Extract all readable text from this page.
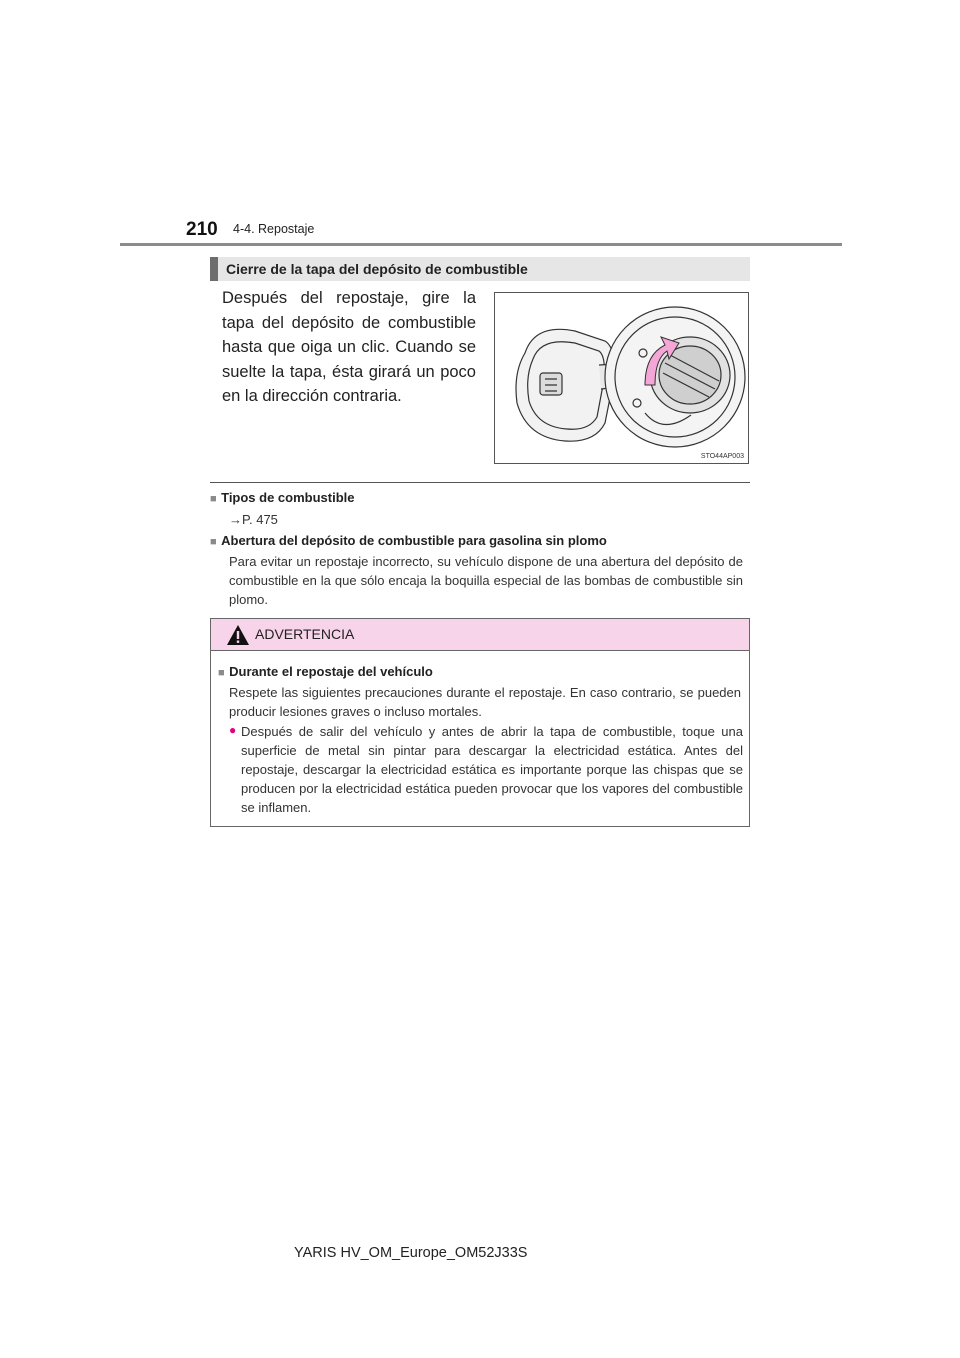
210 4-4. Repostaje
Cierre de la tapa del depósito de combustible
Después del repostaje, gire la tapa del depósito de combustible hasta que oiga un clic. Cuando se suelte la tapa, ésta girará un poco en la dirección contraria.
STO44AP003
■ Tipos de combustible
→P. 475
■ Abertura del depósito de combustible para gasolina sin plomo
Para evitar un repostaje incorrecto, su vehículo dispone de una abertura del depósito de combustible en la que sólo encaja la boquilla especial de las bombas de combustible sin plomo.
ADVERTENCIA
■ Durante el repostaje del vehículo
Respete las siguientes precauciones durante el repostaje. En caso contrario, se pueden producir lesiones graves o incluso mortales.
● Después de salir del vehículo y antes de abrir la tapa de combustible, toque una superficie de metal sin pintar para descargar la electricidad estática. Antes del repostaje, descargar la electricidad estática es importante porque las chispas que se producen por la electricidad estática pueden provocar que los vapores del combustible se inflamen.
YARIS HV_OM_Europe_OM52J33S
